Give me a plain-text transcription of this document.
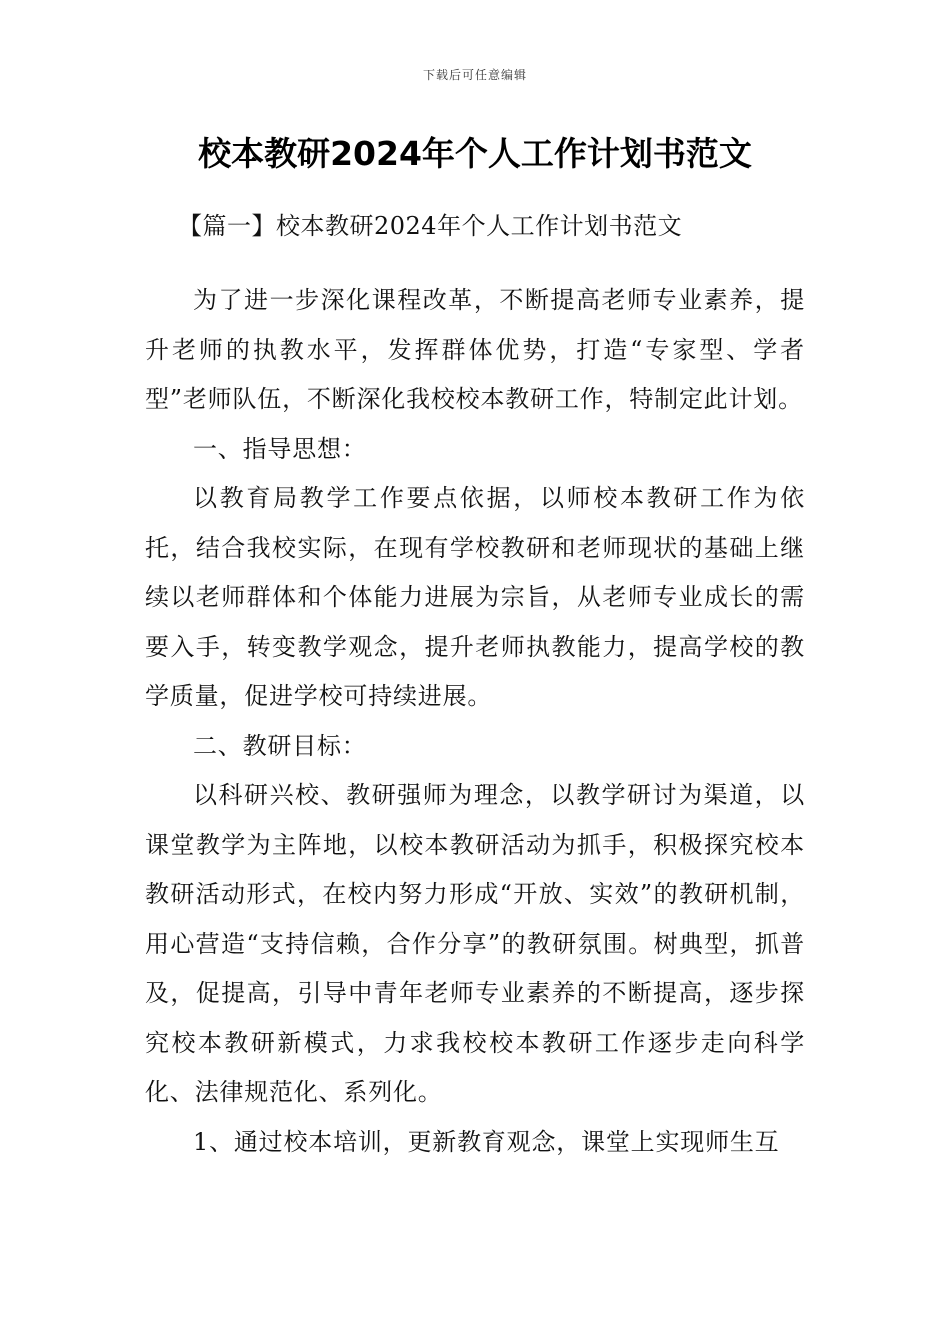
下载后可任意编辑
校本教研2024年个人工作计划书范文
【篇一】校本教研2024年个人工作计划书范文

为了进一步深化课程改革，不断提高老师专业素养，提升老师的执教水平，发挥群体优势，打造“专家型、学者型”老师队伍，不断深化我校校本教研工作，特制定此计划。

一、指导思想：

以教育局教学工作要点依据，以师校本教研工作为依托，结合我校实际，在现有学校教研和老师现状的基础上继续以老师群体和个体能力进展为宗旨，从老师专业成长的需要入手，转变教学观念，提升老师执教能力，提高学校的教学质量，促进学校可持续进展。

二、教研目标：

以科研兴校、教研强师为理念，以教学研讨为渠道，以课堂教学为主阵地，以校本教研活动为抓手，积极探究校本教研活动形式，在校内努力形成“开放、实效”的教研机制，用心营造“支持信赖，合作分享”的教研氛围。树典型，抓普及，促提高，引导中青年老师专业素养的不断提高，逐步探究校本教研新模式，力求我校校本教研工作逐步走向科学化、法律规范化、系列化。

1、通过校本培训，更新教育观念，课堂上实现师生互
